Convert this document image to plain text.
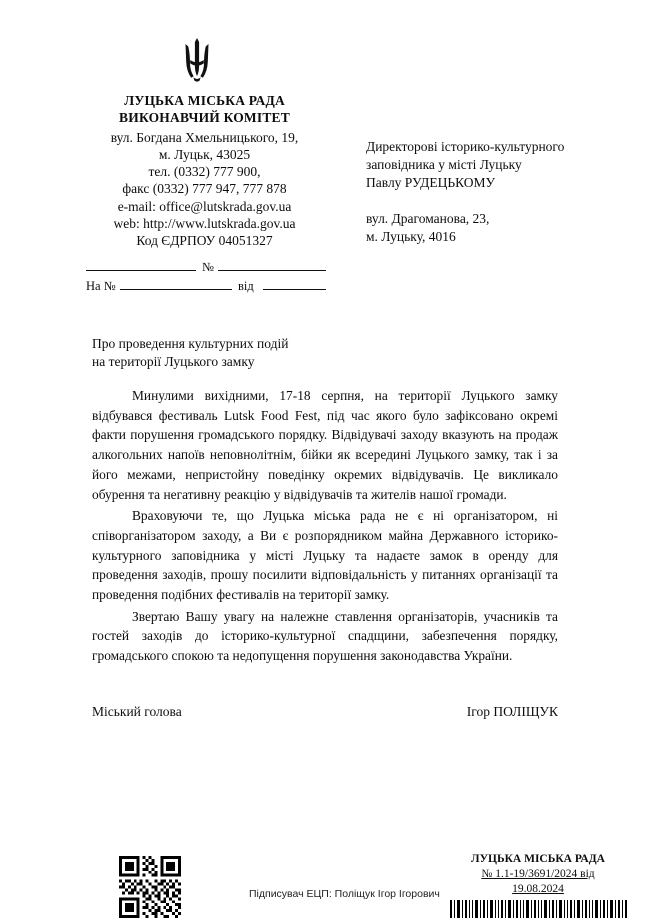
ЛУЦЬКА МІСЬКА РАДА
ВИКОНАВЧИЙ КОМІТЕТ
вул. Богдана Хмельницького, 19,
м. Луцьк, 43025
тел. (0332) 777 900,
факс (0332) 777 947, 777 878
e-mail: office@lutskrada.gov.ua
web: http://www.lutskrada.gov.ua
Код ЄДРПОУ 04051327
№
На №	від
Директорові історико-культурного
заповідника у місті Луцьку
Павлу РУДЕЦЬКОМУ
вул. Драгоманова, 23,
м. Луцьку, 4016
Про проведення культурних подій
на території Луцького замку

Минулими вихідними, 17-18 серпня, на території Луцького замку відбувався фестиваль Lutsk Food Fest, під час якого було зафіксовано окремі факти порушення громадського порядку. Відвідувачі заходу вказують на продаж алкогольних напоїв неповнолітнім, бійки як всередині Луцького замку, так і за його межами, непристойну поведінку окремих відвідувачів. Це викликало обурення та негативну реакцію у відвідувачів та жителів нашої громади.

Враховуючи те, що Луцька міська рада не є ні організатором, ні співорганізатором заходу, а Ви є розпорядником майна Державного історико-культурного заповідника у місті Луцьку та надаєте замок в оренду для проведення заходів, прошу посилити відповідальність у питаннях організації та проведення подібних фестивалів на території замку.

Звертаю Вашу увагу на належне ставлення організаторів, учасників та гостей заходів до історико-культурної спадщини, забезпечення порядку, громадського спокою та недопущення порушення законодавства України.

Міський голова	Ігор ПОЛІЩУК
Підписувач ЕЦП: Поліщук Ігор Ігорович
ЛУЦЬКА МІСЬКА РАДА
№ 1.1-19/3691/2024 від
19.08.2024
